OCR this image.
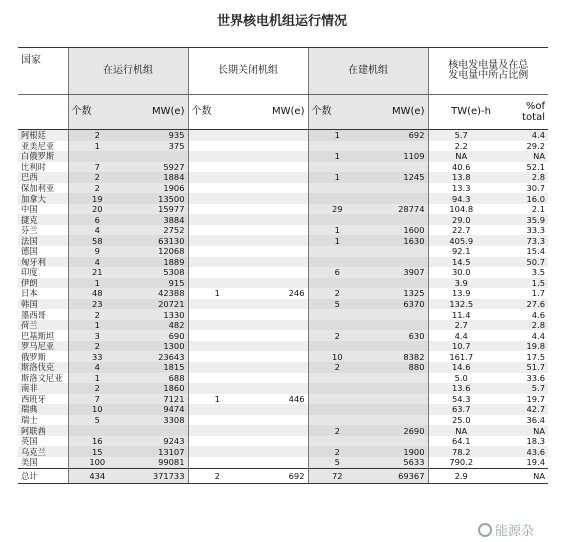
世界核电机组运行情况
国家	在运行机组		长期关闭机组		在建机组		核电发电量及在总
发电量中所占比例	

	个数	MW(e)	个数	MW(e)	个数	MW(e)	TW(e)-h	%of
total

阿根廷	2	935			1	692	5.7	4.4
亚美尼亚	1	375					2.2	29.2
白俄罗斯					1	1109	NA	NA
比利时	7	5927					40.6	52.1
巴西	2	1884			1	1245	13.8	2.8
保加利亚	2	1906					13.3	30.7
加拿大	19	13500					94.3	16.0
中国	20	15977			29	28774	104.8	2.1
捷克	6	3884					29.0	35.9
芬兰	4	2752			1	1600	22.7	33.3
法国	58	63130			1	1630	405.9	73.3
德国	9	12068					92.1	15.4
匈牙利	4	1889					14.5	50.7
印度	21	5308			6	3907	30.0	3.5
伊朗	1	915					3.9	1.5
日本	48	42388	1	246	2	1325	13.9	1.7
韩国	23	20721			5	6370	132.5	27.6
墨西哥	2	1330					11.4	4.6
荷兰	1	482					2.7	2.8
巴基斯坦	3	690			2	630	4.4	4.4
罗马尼亚	2	1300					10.7	19.8
俄罗斯	33	23643			10	8382	161.7	17.5
斯洛伐克	4	1815			2	880	14.6	51.7
斯洛文尼亚	1	688					5.0	33.6
南非	2	1860					13.6	5.7
西班牙	7	7121	1	446			54.3	19.7
瑞典	10	9474					63.7	42.7
瑞士	5	3308					25.0	36.4
阿联酋					2	2690	NA	NA
英国	16	9243					64.1	18.3
乌克兰	15	13107			2	1900	78.2	43.6
美国	100	99081			5	5633	790.2	19.4
总计	434	371733	2	692	72	69367	2.9	NA
能源杂
